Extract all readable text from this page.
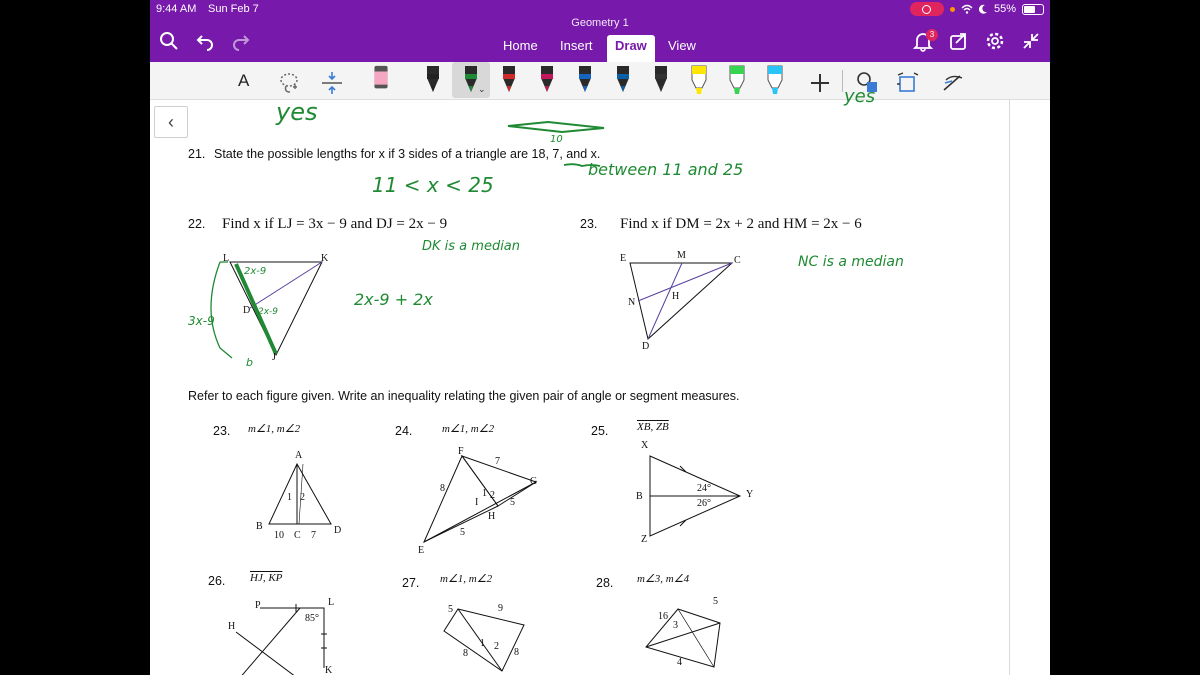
9:44 AM Sun Feb 7	55%
Geometry 1
Home Insert	Draw	View
3
A	⌄
‹	yes
yes
10
21. State the possible lengths for x if 3 sides of a triangle are 18, 7, and x.
11 < x < 25
between 11 and 25
22. Find x if LJ = 3x − 9 and DJ = 2x − 9	23. Find x if DM = 2x + 2 and HM = 2x − 6
DK is a median
2x-9 + 2x
NC is a median
L	K
D
J
2x-9
2x-9
3x-9
b
E	M	C
N
H
D
Refer to each figure given. Write an inequality relating the given pair of angle or segment measures.
23. m∠1, m∠2	24.	m∠1, m∠2	25.	XB, ZB
A
B
C	D
1 2
10	7
F
G
E
H
I
8
7
5
5
1 2
X
B	Y
Z
24°
26°
26. HJ, KP	27. m∠1, m∠2	28. m∠3, m∠4
P	L
H
K
85°
5	9
8	8
1 2
16
3
5
4
